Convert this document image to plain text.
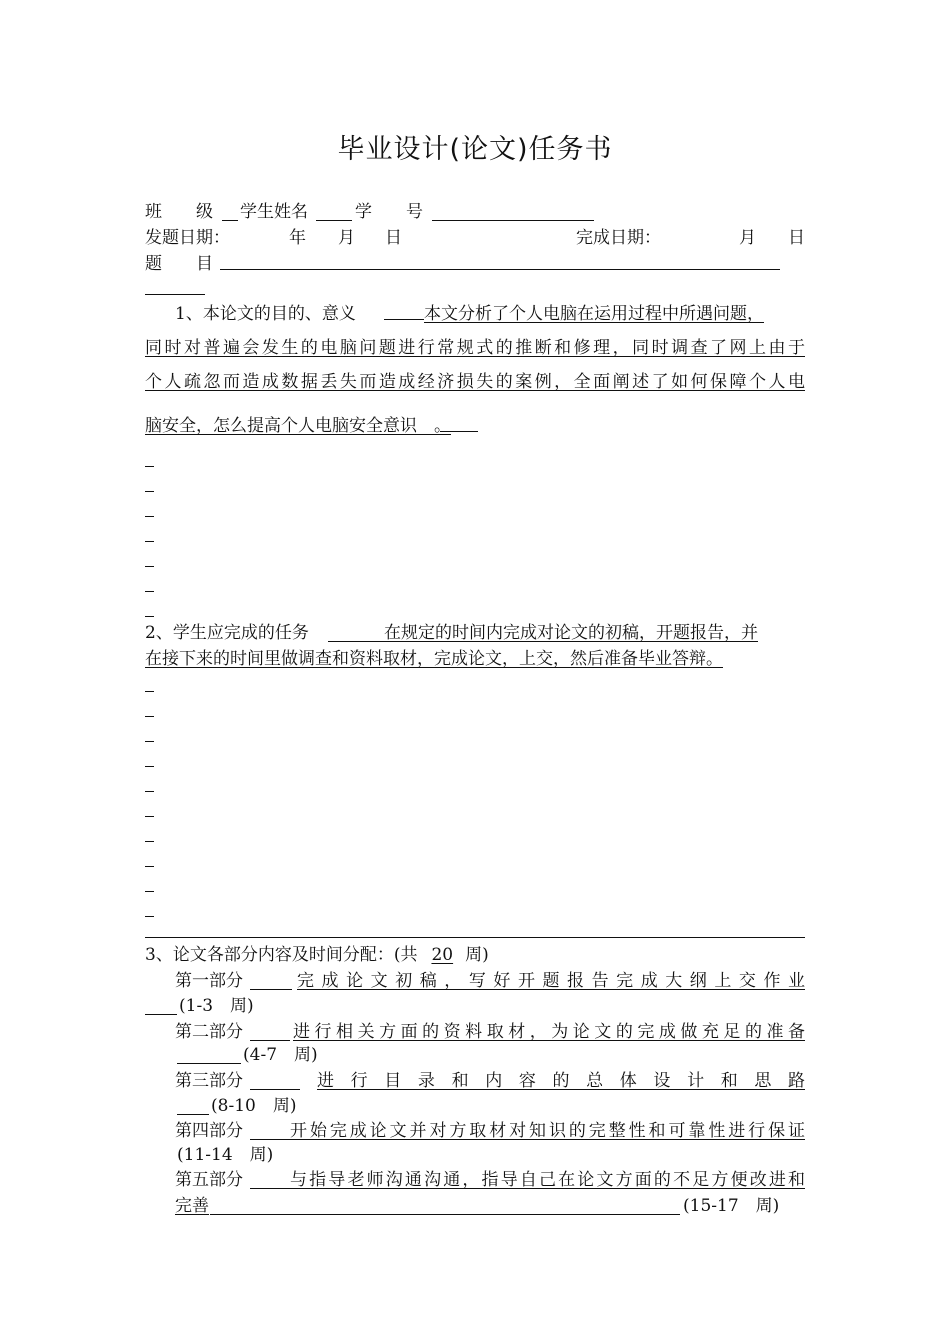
毕业设计(论文)任务书
班　　级 学生姓名	学　　号
发题日期：	年 月 日	完成日期：	月 日
题　　目
1、本论文的目的、意义	本文分析了个人电脑在运用过程中所遇问题，
同时对普遍会发生的电脑问题进行常规式的推断和修理，同时调查了网上由于
个人疏忽而造成数据丢失而造成经济损失的案例，全面阐述了如何保障个人电
脑安全，怎么提高个人电脑安全意识　。
2、学生应完成的任务	在规定的时间内完成对论文的初稿，开题报告，并
在接下来的时间里做调查和资料取材，完成论文，上交，然后准备毕业答辩。
3、论文各部分内容及时间分配：(共 20 周)
第一部分	完成论文初稿，写好开题报告完成大纲上交作业
(1-3　周)
第二部分	进行相关方面的资料取材，为论文的完成做充足的准备
(4-7　周)
第三部分	进行目录和内容的总体设计和思路
(8-10　周)
第四部分	开始完成论文并对方取材对知识的完整性和可靠性进行保证
(11-14　周)
第五部分	与指导老师沟通沟通，指导自己在论文方面的不足方便改进和
完善	(15-17　周)
